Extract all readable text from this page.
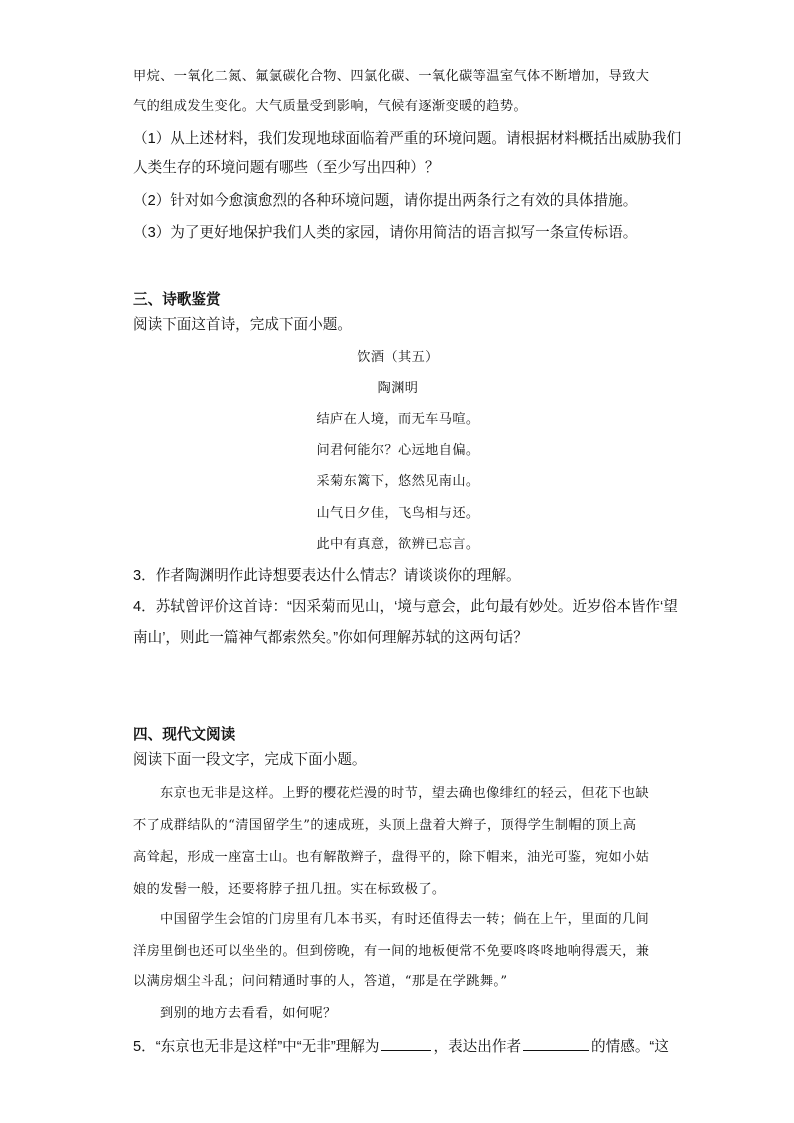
甲烷、一氧化二氮、氟氯碳化合物、四氯化碳、一氧化碳等温室气体不断增加，导致大
气的组成发生变化。大气质量受到影响，气候有逐渐变暖的趋势。
（1）从上述材料，我们发现地球面临着严重的环境问题。请根据材料概括出威胁我们
人类生存的环境问题有哪些（至少写出四种）？
（2）针对如今愈演愈烈的各种环境问题，请你提出两条行之有效的具体措施。
（3）为了更好地保护我们人类的家园，请你用简洁的语言拟写一条宣传标语。
三、诗歌鉴赏
阅读下面这首诗，完成下面小题。
饮酒（其五）
陶渊明
结庐在人境，而无车马喧。
问君何能尔？心远地自偏。
采菊东篱下，悠然见南山。
山气日夕佳，飞鸟相与还。
此中有真意，欲辨已忘言。
3．作者陶渊明作此诗想要表达什么情志？请谈谈你的理解。
4．苏轼曾评价这首诗：“因采菊而见山，‘境与意会，此句最有妙处。近岁俗本皆作‘望
南山’，则此一篇神气都索然矣。”你如何理解苏轼的这两句话？
四、现代文阅读
阅读下面一段文字，完成下面小题。
东京也无非是这样。上野的樱花烂漫的时节，望去确也像绯红的轻云，但花下也缺
不了成群结队的“清国留学生”的速成班，头顶上盘着大辫子，顶得学生制帽的顶上高
高耸起，形成一座富士山。也有解散辫子，盘得平的，除下帽来，油光可鉴，宛如小姑
娘的发髻一般，还要将脖子扭几扭。实在标致极了。
中国留学生会馆的门房里有几本书买，有时还值得去一转；倘在上午，里面的几间
洋房里倒也还可以坐坐的。但到傍晚，有一间的地板便常不免要咚咚咚地响得震天，兼
以满房烟尘斗乱；问问精通时事的人，答道，“那是在学跳舞。”
到别的地方去看看，如何呢？
5．“东京也无非是这样”中“无非”理解为	，表达出作者	的情感。“这
